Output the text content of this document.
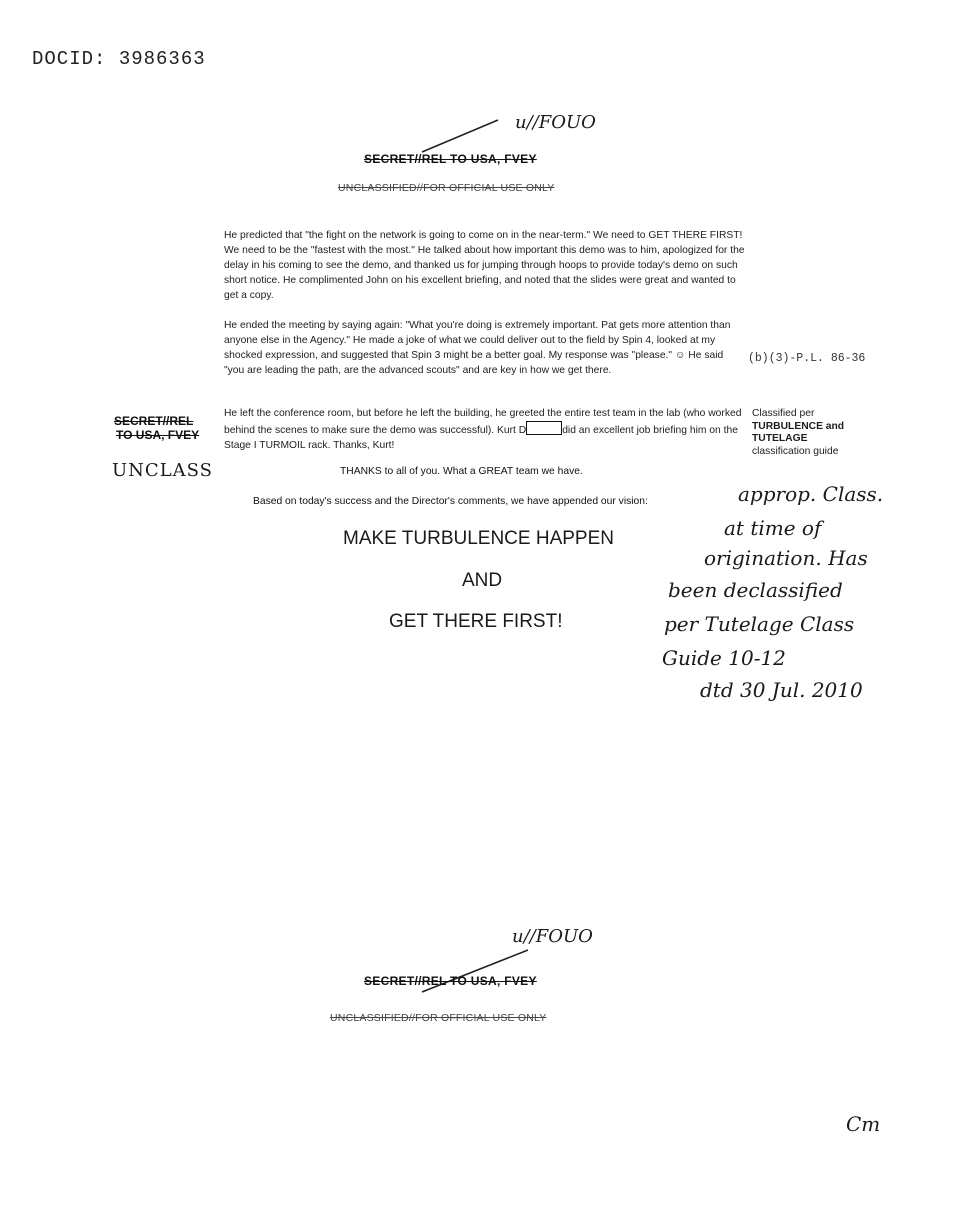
DOCID: 3986363
u//FOUO
SECRET//REL TO USA, FVEY
UNCLASSIFIED//FOR OFFICIAL USE ONLY

He predicted that "the fight on the network is going to come on in the near-term." We need to GET THERE FIRST! We need to be the "fastest with the most." He talked about how important this demo was to him, apologized for the delay in his coming to see the demo, and thanked us for jumping through hoops to provide today's demo on such short notice. He complimented John on his excellent briefing, and noted that the slides were great and wanted to get a copy.

He ended the meeting by saying again: "What you're doing is extremely important. Pat gets more attention than anyone else in the Agency." He made a joke of what we could deliver out to the field by Spin 4, looked at my shocked expression, and suggested that Spin 3 might be a better goal. My response was "please." ☺ He said "you are leading the path, are the advanced scouts" and are key in how we get there.

He left the conference room, but before he left the building, he greeted the entire test team in the lab (who worked behind the scenes to make sure the demo was successful). Kurt D	did an excellent job briefing him on the Stage I TURMOIL rack. Thanks, Kurt!

SECRET//REL
TO USA, FVEY
UNCLASS
(b)(3)-P.L. 86-36
Classified per
TURBULENCE and
TUTELAGE
classification guide
THANKS to all of you. What a GREAT team we have.
Based on today's success and the Director's comments, we have appended our vision:
MAKE TURBULENCE HAPPEN
AND
GET THERE FIRST!
approp. Class.
at time of
origination. Has
been declassified
per Tutelage Class
Guide 10-12
dtd 30 Jul. 2010
u//FOUO
SECRET//REL TO USA, FVEY
UNCLASSIFIED//FOR OFFICIAL USE ONLY
Cm
